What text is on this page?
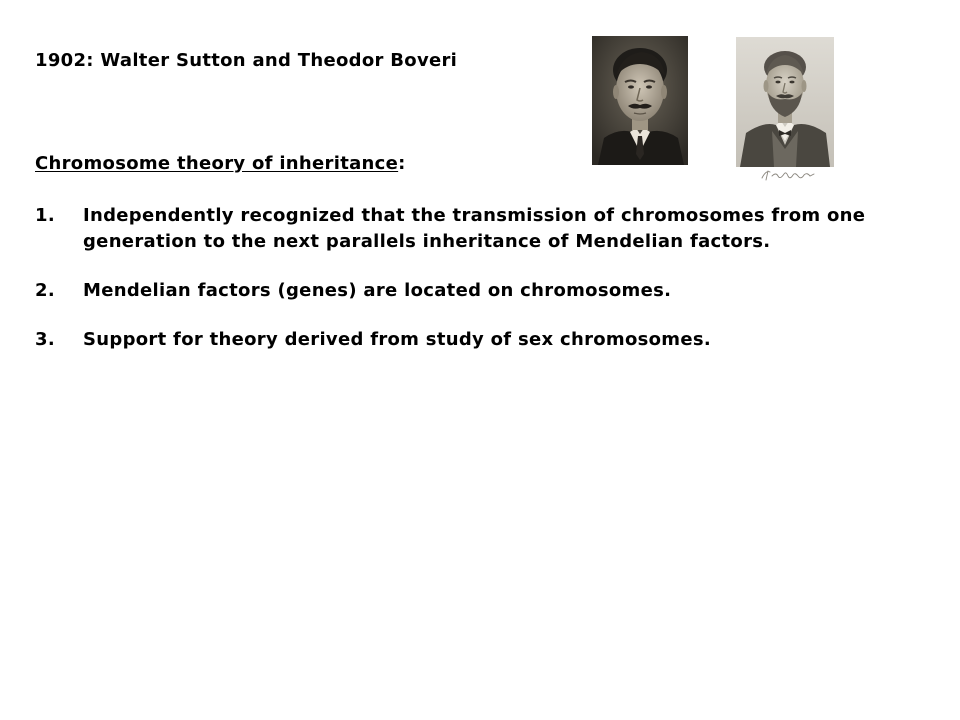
1902: Walter Sutton and Theodor Boveri
Chromosome theory of inheritance:
1. Independently recognized that the transmission of chromosomes from one generation to the next parallels inheritance of Mendelian factors.
2. Mendelian factors (genes) are located on chromosomes.
3. Support for theory derived from study of sex chromosomes.
